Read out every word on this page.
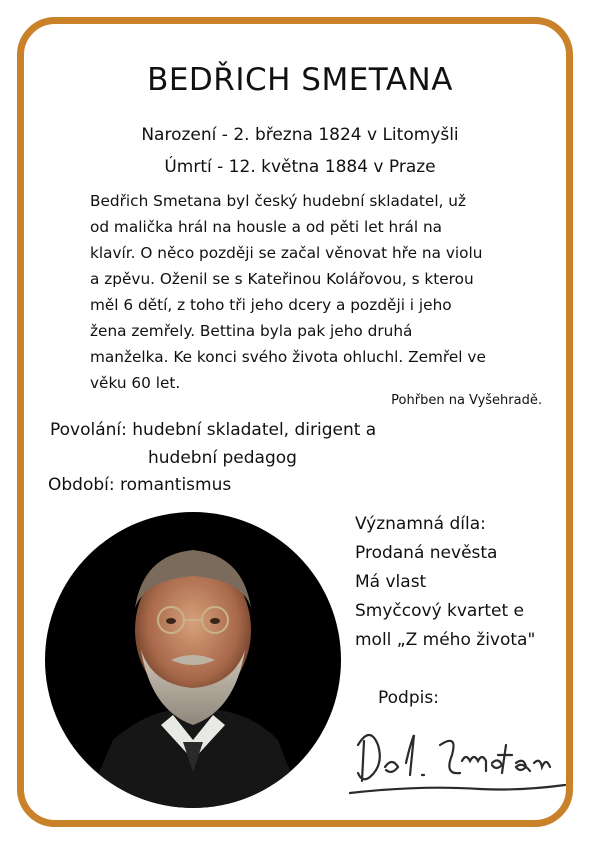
BEDŘICH SMETANA
Narození - 2. března 1824 v Litomyšli
Úmrtí - 12. května 1884 v Praze
Bedřich Smetana byl český hudební skladatel, už
od malička hrál na housle a od pěti let hrál na
klavír. O něco později se začal věnovat hře na violu
a zpěvu. Oženil se s Kateřinou Kolářovou, s kterou
měl 6 dětí, z toho tři jeho dcery a později i jeho
žena zemřely. Bettina byla pak jeho druhá
manželka. Ke konci svého života ohluchl. Zemřel ve
věku 60 let.
Pohřben na Vyšehradě.
Povolání: hudební skladatel, dirigent a
hudební pedagog
Období: romantismus
Významná díla:
Prodaná nevěsta
Má vlast
Smyčcový kvartet e moll „Z mého života"
Podpis:
